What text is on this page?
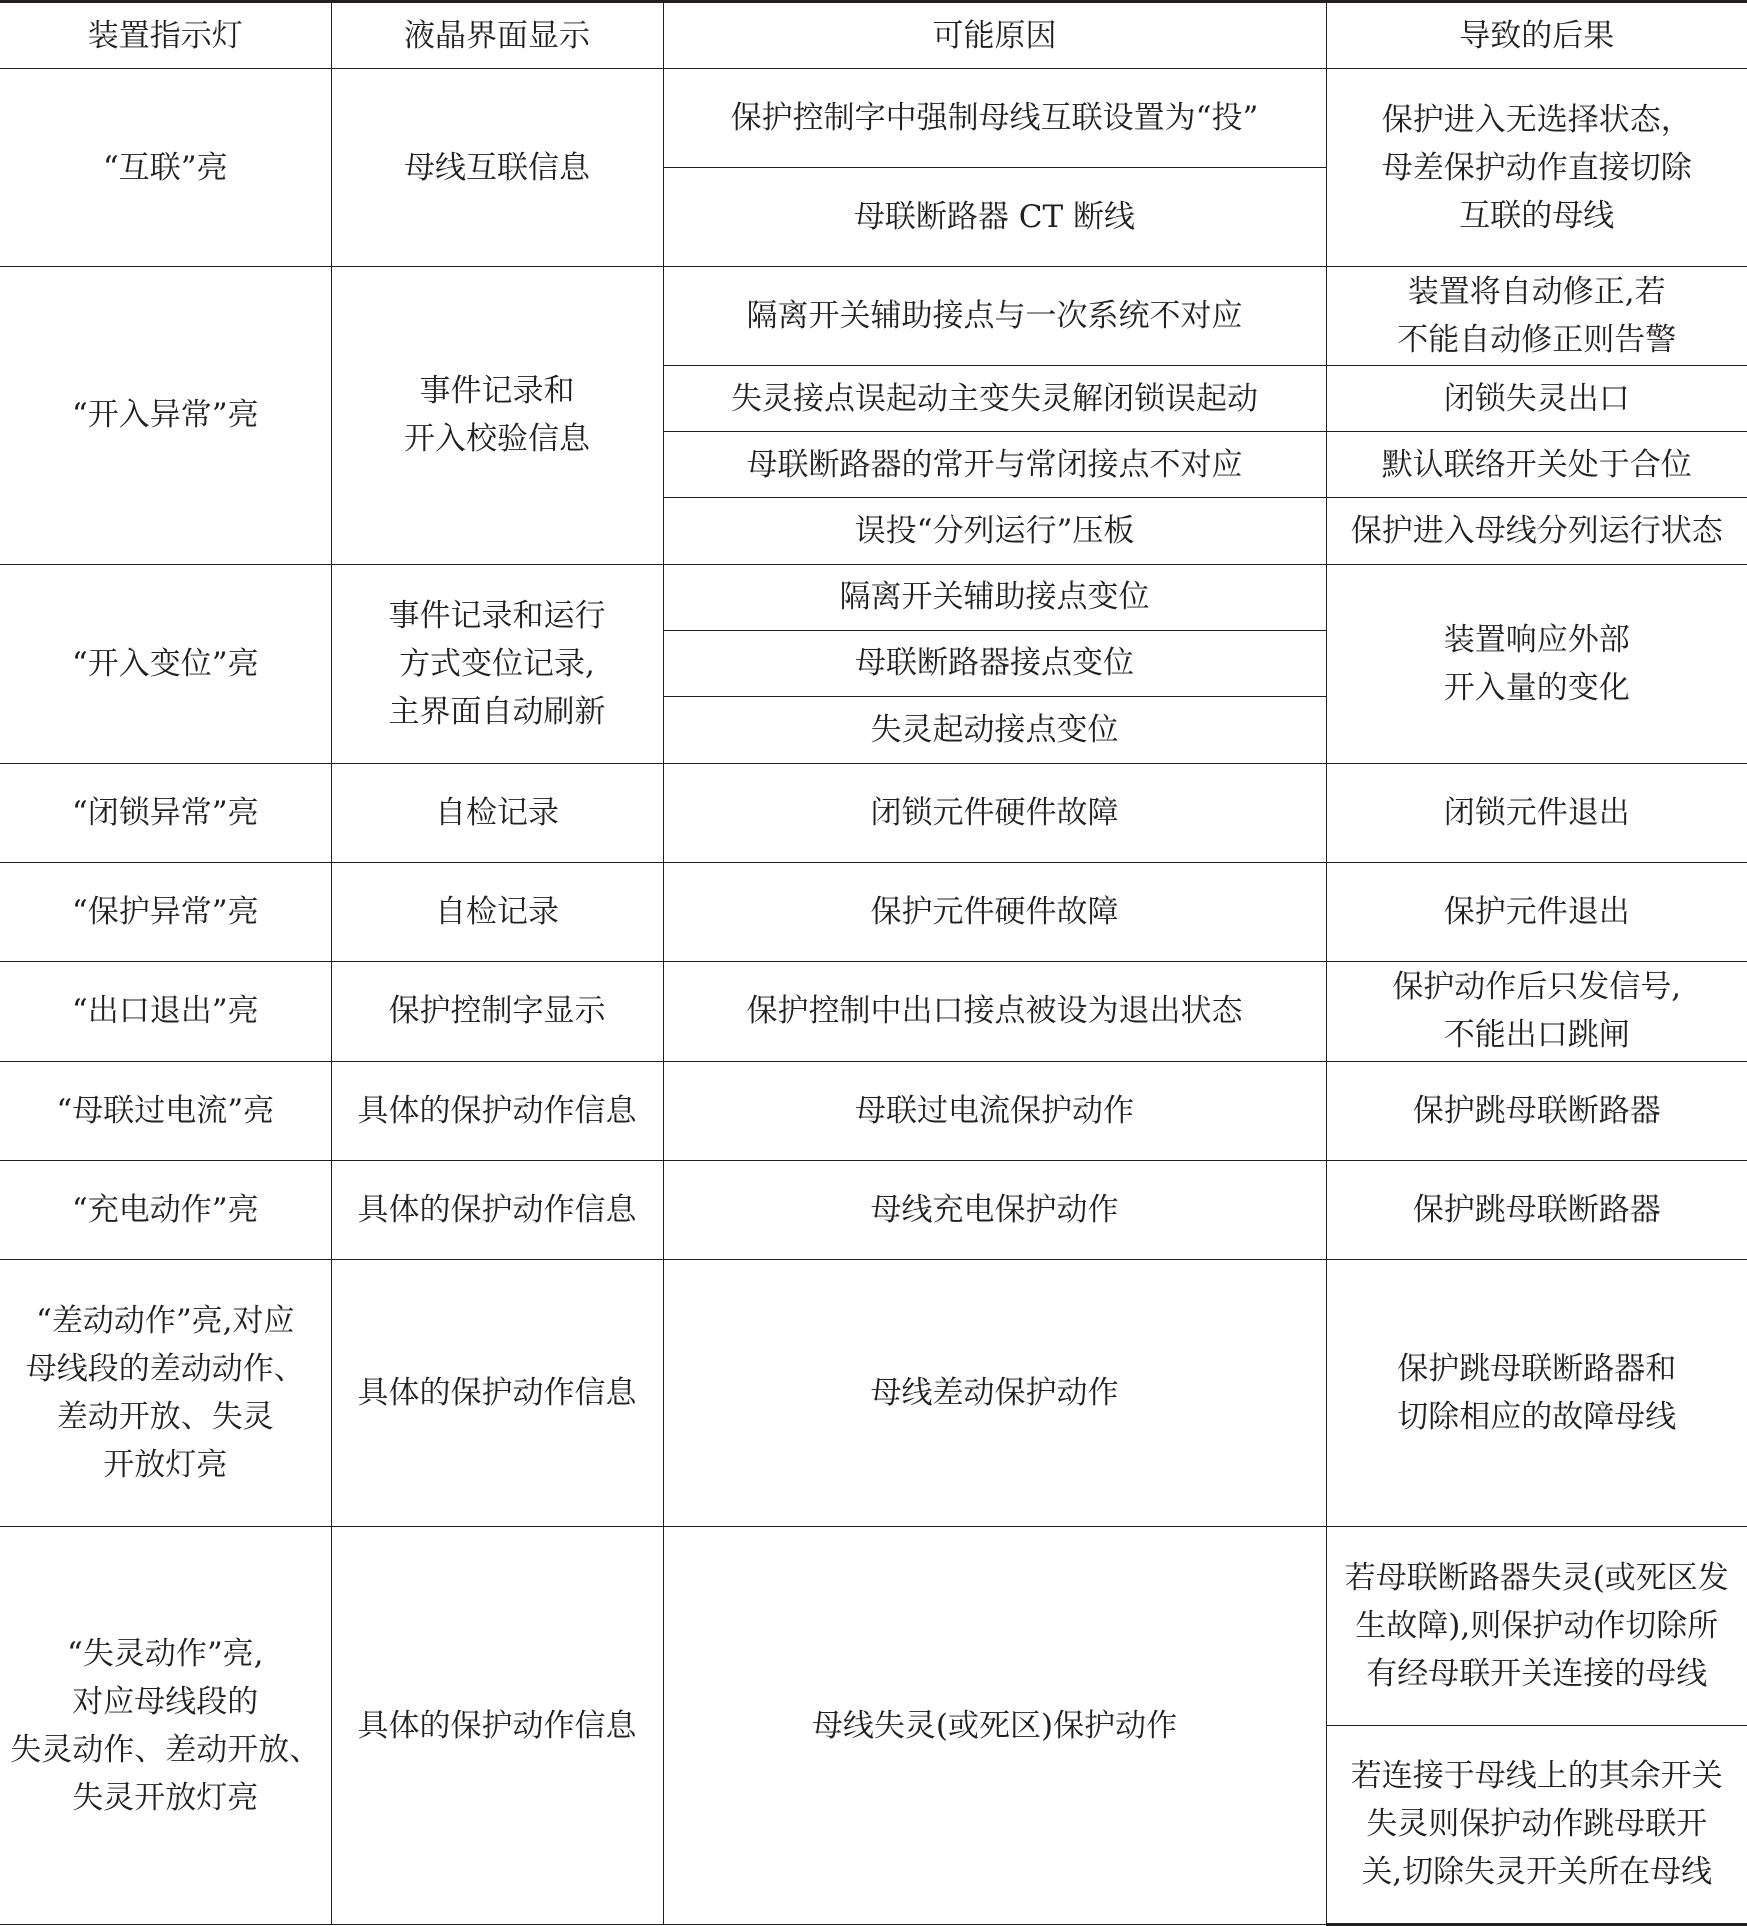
装置指示灯	液晶界面显示	可能原因	导致的后果
“互联”亮	母线互联信息	保护控制字中强制母线互联设置为“投”	保护进入无选择状态，
母差保护动作直接切除
互联的母线
		母联断路器 CT 断线	
“开入异常”亮	事件记录和
开入校验信息	隔离开关辅助接点与一次系统不对应	装置将自动修正,若
不能自动修正则告警
		失灵接点误起动主变失灵解闭锁误起动	闭锁失灵出口
		母联断路器的常开与常闭接点不对应	默认联络开关处于合位
		误投“分列运行”压板	保护进入母线分列运行状态
“开入变位”亮	事件记录和运行
方式变位记录,
主界面自动刷新	隔离开关辅助接点变位	装置响应外部
开入量的变化
		母联断路器接点变位	
		失灵起动接点变位	
“闭锁异常”亮	自检记录	闭锁元件硬件故障	闭锁元件退出
“保护异常”亮	自检记录	保护元件硬件故障	保护元件退出
“出口退出”亮	保护控制字显示	保护控制中出口接点被设为退出状态	保护动作后只发信号,
不能出口跳闸
“母联过电流”亮	具体的保护动作信息	母联过电流保护动作	保护跳母联断路器
“充电动作”亮	具体的保护动作信息	母线充电保护动作	保护跳母联断路器
“差动动作”亮,对应
母线段的差动动作、
差动开放、失灵
开放灯亮	具体的保护动作信息	母线差动保护动作	保护跳母联断路器和
切除相应的故障母线
“失灵动作”亮,
对应母线段的
失灵动作、差动开放、
失灵开放灯亮	具体的保护动作信息	母线失灵(或死区)保护动作	若母联断路器失灵(或死区发
生故障),则保护动作切除所
有经母联开关连接的母线
			若连接于母线上的其余开关
失灵则保护动作跳母联开
关,切除失灵开关所在母线
